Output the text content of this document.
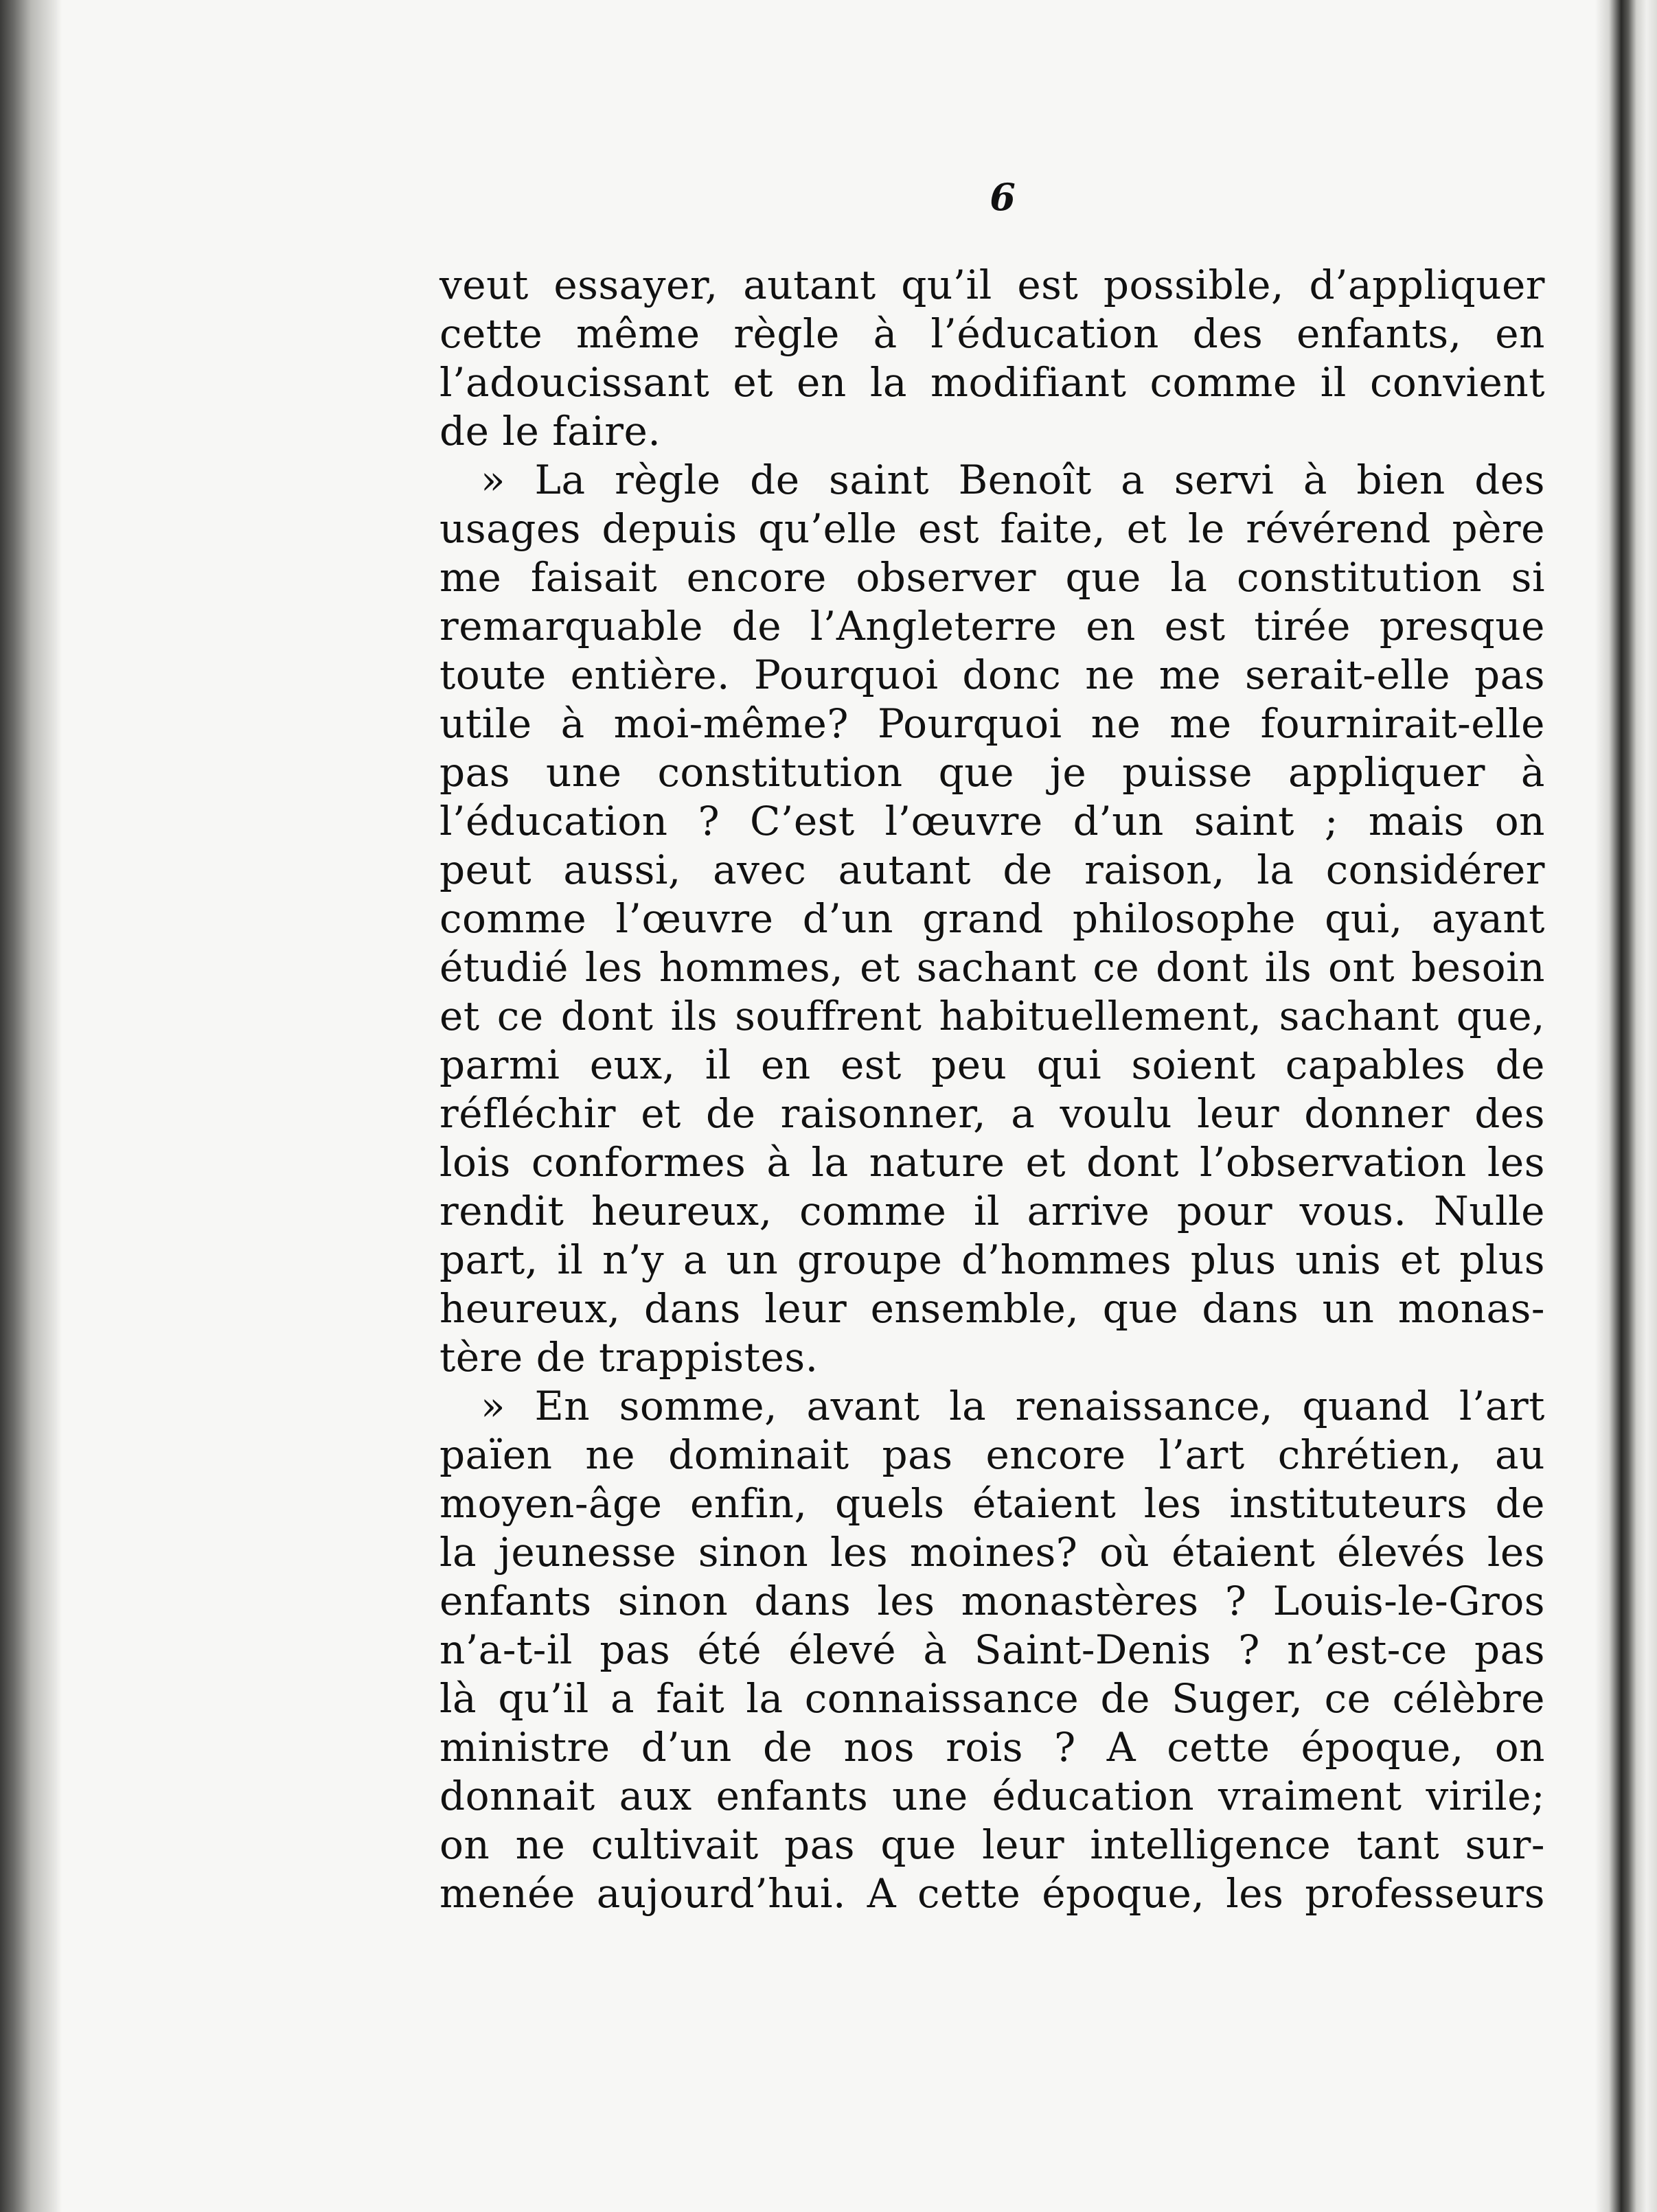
6
veut essayer, autant qu’il est possible, d’appliquer
cette même règle à l’éducation des enfants, en
l’adoucissant et en la modifiant comme il convient
de le faire.
» La règle de saint Benoît a servi à bien des
usages depuis qu’elle est faite, et le révérend père
me faisait encore observer que la constitution si
remarquable de l’Angleterre en est tirée presque
toute entière. Pourquoi donc ne me serait-elle pas
utile à moi-même? Pourquoi ne me fournirait-elle
pas une constitution que je puisse appliquer à
l’éducation ? C’est l’œuvre d’un saint ; mais on
peut aussi, avec autant de raison, la considérer
comme l’œuvre d’un grand philosophe qui, ayant
étudié les hommes, et sachant ce dont ils ont besoin
et ce dont ils souffrent habituellement, sachant que,
parmi eux, il en est peu qui soient capables de
réfléchir et de raisonner, a voulu leur donner des
lois conformes à la nature et dont l’observation les
rendit heureux, comme il arrive pour vous. Nulle
part, il n’y a un groupe d’hommes plus unis et plus
heureux, dans leur ensemble, que dans un monas-
tère de trappistes.
» En somme, avant la renaissance, quand l’art
païen ne dominait pas encore l’art chrétien, au
moyen-âge enfin, quels étaient les instituteurs de
la jeunesse sinon les moines? où étaient élevés les
enfants sinon dans les monastères ? Louis-le-Gros
n’a-t-il pas été élevé à Saint-Denis ? n’est-ce pas
là qu’il a fait la connaissance de Suger, ce célèbre
ministre d’un de nos rois ? A cette époque, on
donnait aux enfants une éducation vraiment virile;
on ne cultivait pas que leur intelligence tant sur-
menée aujourd’hui. A cette époque, les professeurs
